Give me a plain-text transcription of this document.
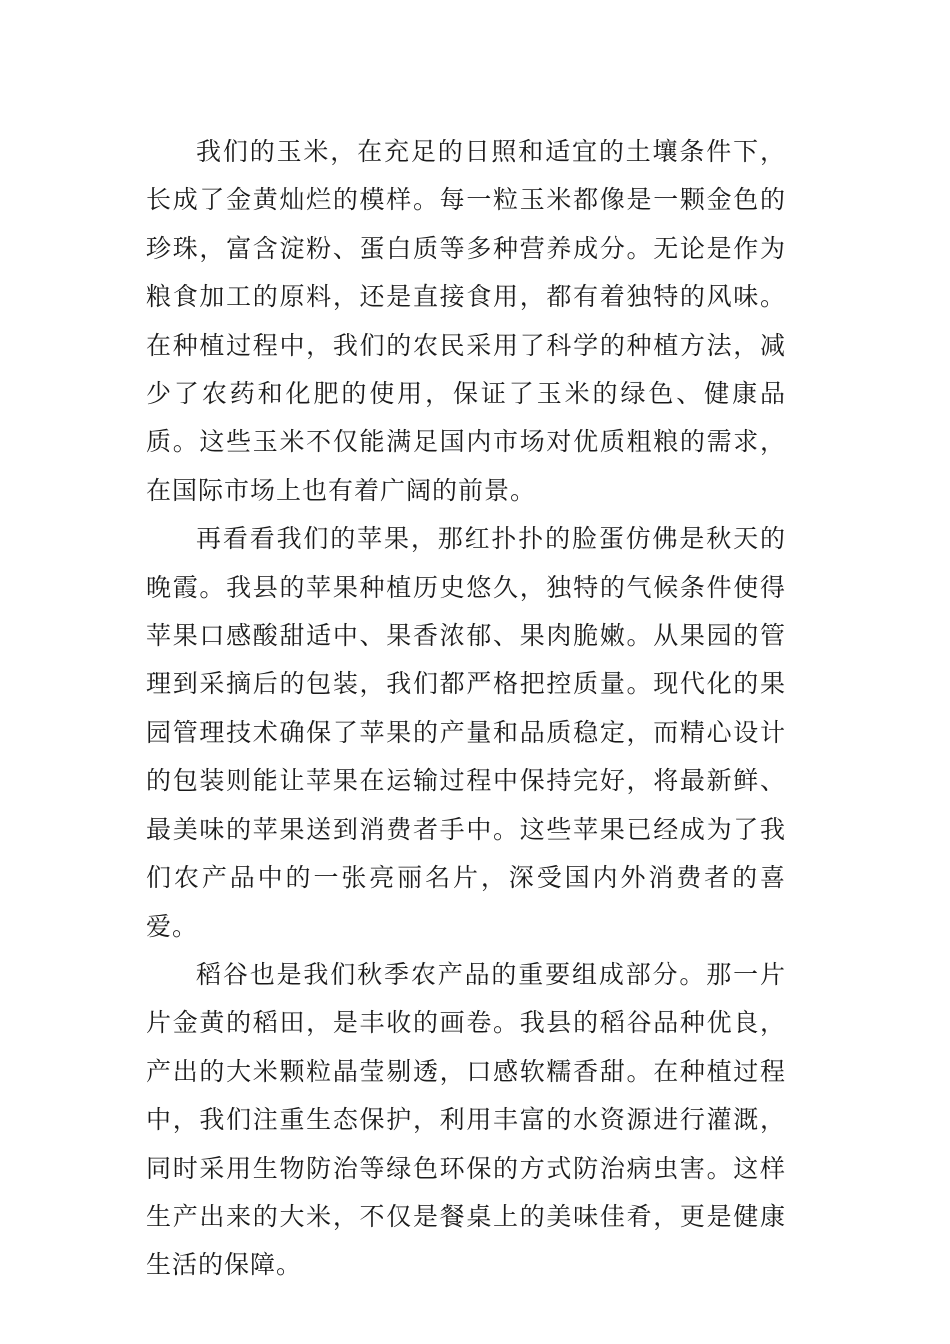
我们的玉米，在充足的日照和适宜的土壤条件下，长成了金黄灿烂的模样。每一粒玉米都像是一颗金色的珍珠，富含淀粉、蛋白质等多种营养成分。无论是作为粮食加工的原料，还是直接食用，都有着独特的风味。在种植过程中，我们的农民采用了科学的种植方法，减少了农药和化肥的使用，保证了玉米的绿色、健康品质。这些玉米不仅能满足国内市场对优质粗粮的需求，在国际市场上也有着广阔的前景。

再看看我们的苹果，那红扑扑的脸蛋仿佛是秋天的晚霞。我县的苹果种植历史悠久，独特的气候条件使得苹果口感酸甜适中、果香浓郁、果肉脆嫩。从果园的管理到采摘后的包装，我们都严格把控质量。现代化的果园管理技术确保了苹果的产量和品质稳定，而精心设计的包装则能让苹果在运输过程中保持完好，将最新鲜、最美味的苹果送到消费者手中。这些苹果已经成为了我们农产品中的一张亮丽名片，深受国内外消费者的喜爱。

稻谷也是我们秋季农产品的重要组成部分。那一片片金黄的稻田，是丰收的画卷。我县的稻谷品种优良，产出的大米颗粒晶莹剔透，口感软糯香甜。在种植过程中，我们注重生态保护，利用丰富的水资源进行灌溉，同时采用生物防治等绿色环保的方式防治病虫害。这样生产出来的大米，不仅是餐桌上的美味佳肴，更是健康生活的保障。
